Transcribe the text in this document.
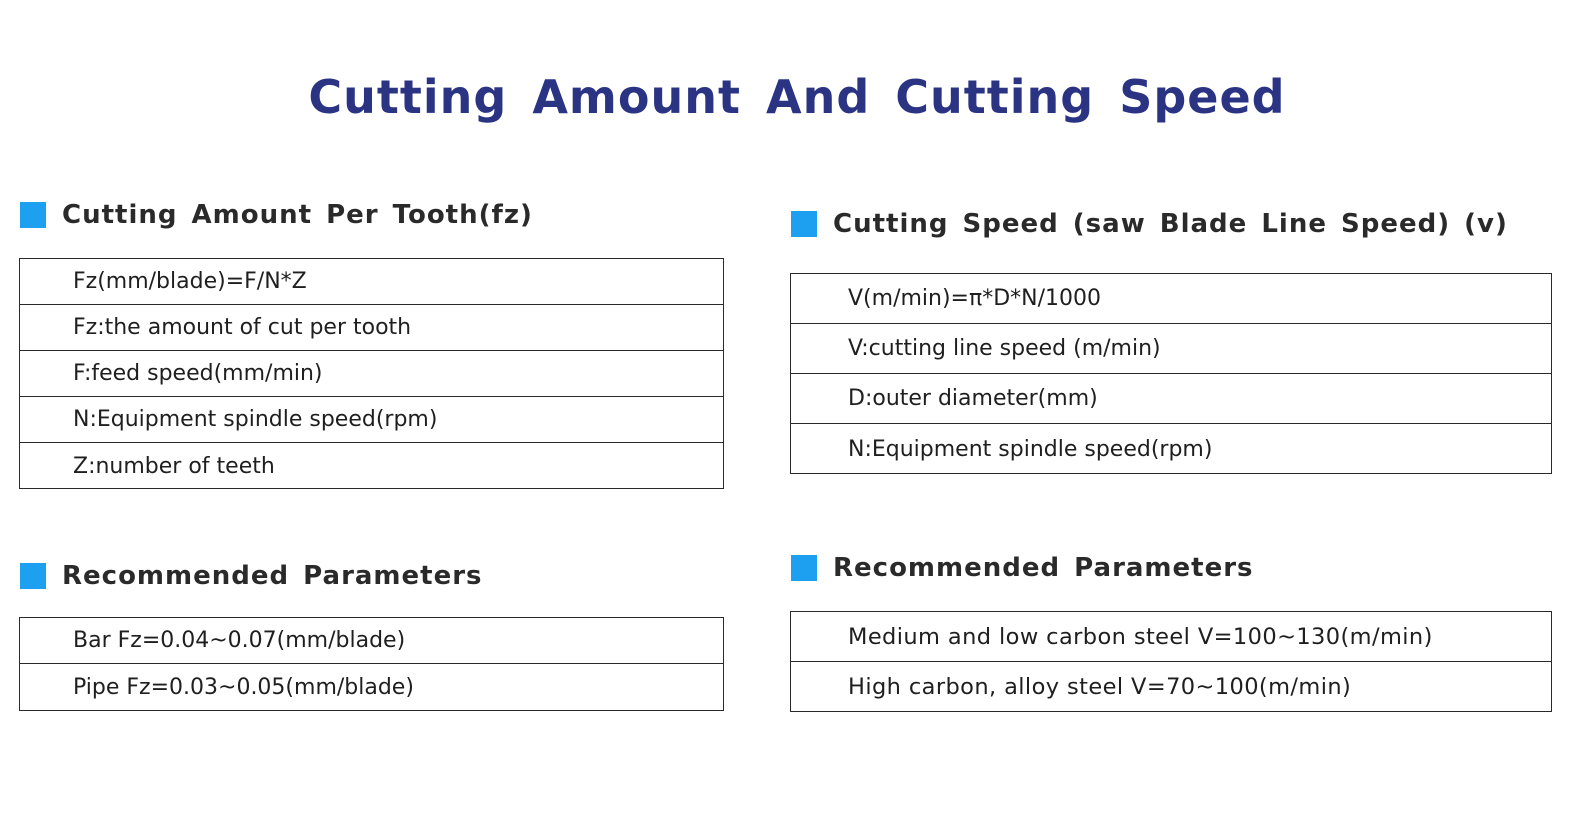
Cutting Amount And Cutting Speed
Cutting Amount Per Tooth(fz)
Fz(mm/blade)=F/N*Z
Fz:the amount of cut per tooth
F:feed speed(mm/min)
N:Equipment spindle speed(rpm)
Z:number of teeth
Recommended Parameters
Bar Fz=0.04~0.07(mm/blade)
Pipe Fz=0.03~0.05(mm/blade)
Cutting Speed (saw Blade Line Speed) (v)
V(m/min)=π*D*N/1000
V:cutting line speed (m/min)
D:outer diameter(mm)
N:Equipment spindle speed(rpm)
Recommended Parameters
Medium and low carbon steel V=100~130(m/min)
High carbon, alloy steel V=70~100(m/min)
